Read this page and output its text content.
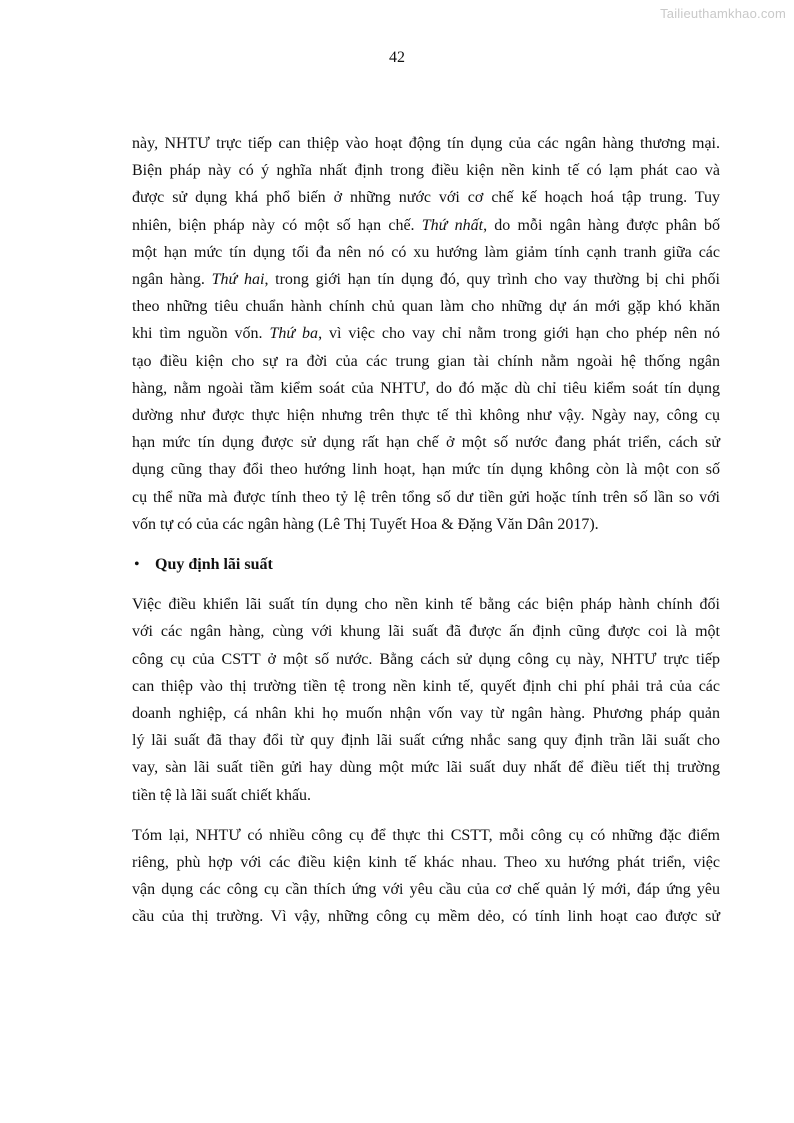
Tailieuthamkhao.com
42
này, NHTƯ trực tiếp can thiệp vào hoạt động tín dụng của các ngân hàng thương mại.
Biện pháp này có ý nghĩa nhất định trong điều kiện nền kinh tế có lạm phát cao và
được sử dụng khá phổ biến ở những nước với cơ chế kế hoạch hoá tập trung. Tuy
nhiên, biện pháp này có một số hạn chế. Thứ nhất, do mỗi ngân hàng được phân bố
một hạn mức tín dụng tối đa nên nó có xu hướng làm giảm tính cạnh tranh giữa các
ngân hàng. Thứ hai, trong giới hạn tín dụng đó, quy trình cho vay thường bị chi phối
theo những tiêu chuẩn hành chính chủ quan làm cho những dự án mới gặp khó khăn
khi tìm nguồn vốn. Thứ ba, vì việc cho vay chỉ nằm trong giới hạn cho phép nên nó
tạo điều kiện cho sự ra đời của các trung gian tài chính nằm ngoài hệ thống ngân
hàng, nằm ngoài tầm kiểm soát của NHTƯ, do đó mặc dù chỉ tiêu kiểm soát tín dụng
dường như được thực hiện nhưng trên thực tế thì không như vậy. Ngày nay, công cụ
hạn mức tín dụng được sử dụng rất hạn chế ở một số nước đang phát triển, cách sử
dụng cũng thay đổi theo hướng linh hoạt, hạn mức tín dụng không còn là một con số
cụ thể nữa mà được tính theo tỷ lệ trên tổng số dư tiền gửi hoặc tính trên số lần so với
vốn tự có của các ngân hàng (Lê Thị Tuyết Hoa & Đặng Văn Dân 2017).
• Quy định lãi suất
Việc điều khiển lãi suất tín dụng cho nền kinh tế bằng các biện pháp hành chính đối
với các ngân hàng, cùng với khung lãi suất đã được ấn định cũng được coi là một
công cụ của CSTT ở một số nước. Bằng cách sử dụng công cụ này, NHTƯ trực tiếp
can thiệp vào thị trường tiền tệ trong nền kinh tế, quyết định chi phí phải trả của các
doanh nghiệp, cá nhân khi họ muốn nhận vốn vay từ ngân hàng. Phương pháp quản
lý lãi suất đã thay đổi từ quy định lãi suất cứng nhắc sang quy định trần lãi suất cho
vay, sàn lãi suất tiền gửi hay dùng một mức lãi suất duy nhất để điều tiết thị trường
tiền tệ là lãi suất chiết khấu.
Tóm lại, NHTƯ có nhiều công cụ để thực thi CSTT, mỗi công cụ có những đặc điểm
riêng, phù hợp với các điều kiện kinh tế khác nhau. Theo xu hướng phát triển, việc
vận dụng các công cụ cần thích ứng với yêu cầu của cơ chế quản lý mới, đáp ứng yêu
cầu của thị trường. Vì vậy, những công cụ mềm dẻo, có tính linh hoạt cao được sử
